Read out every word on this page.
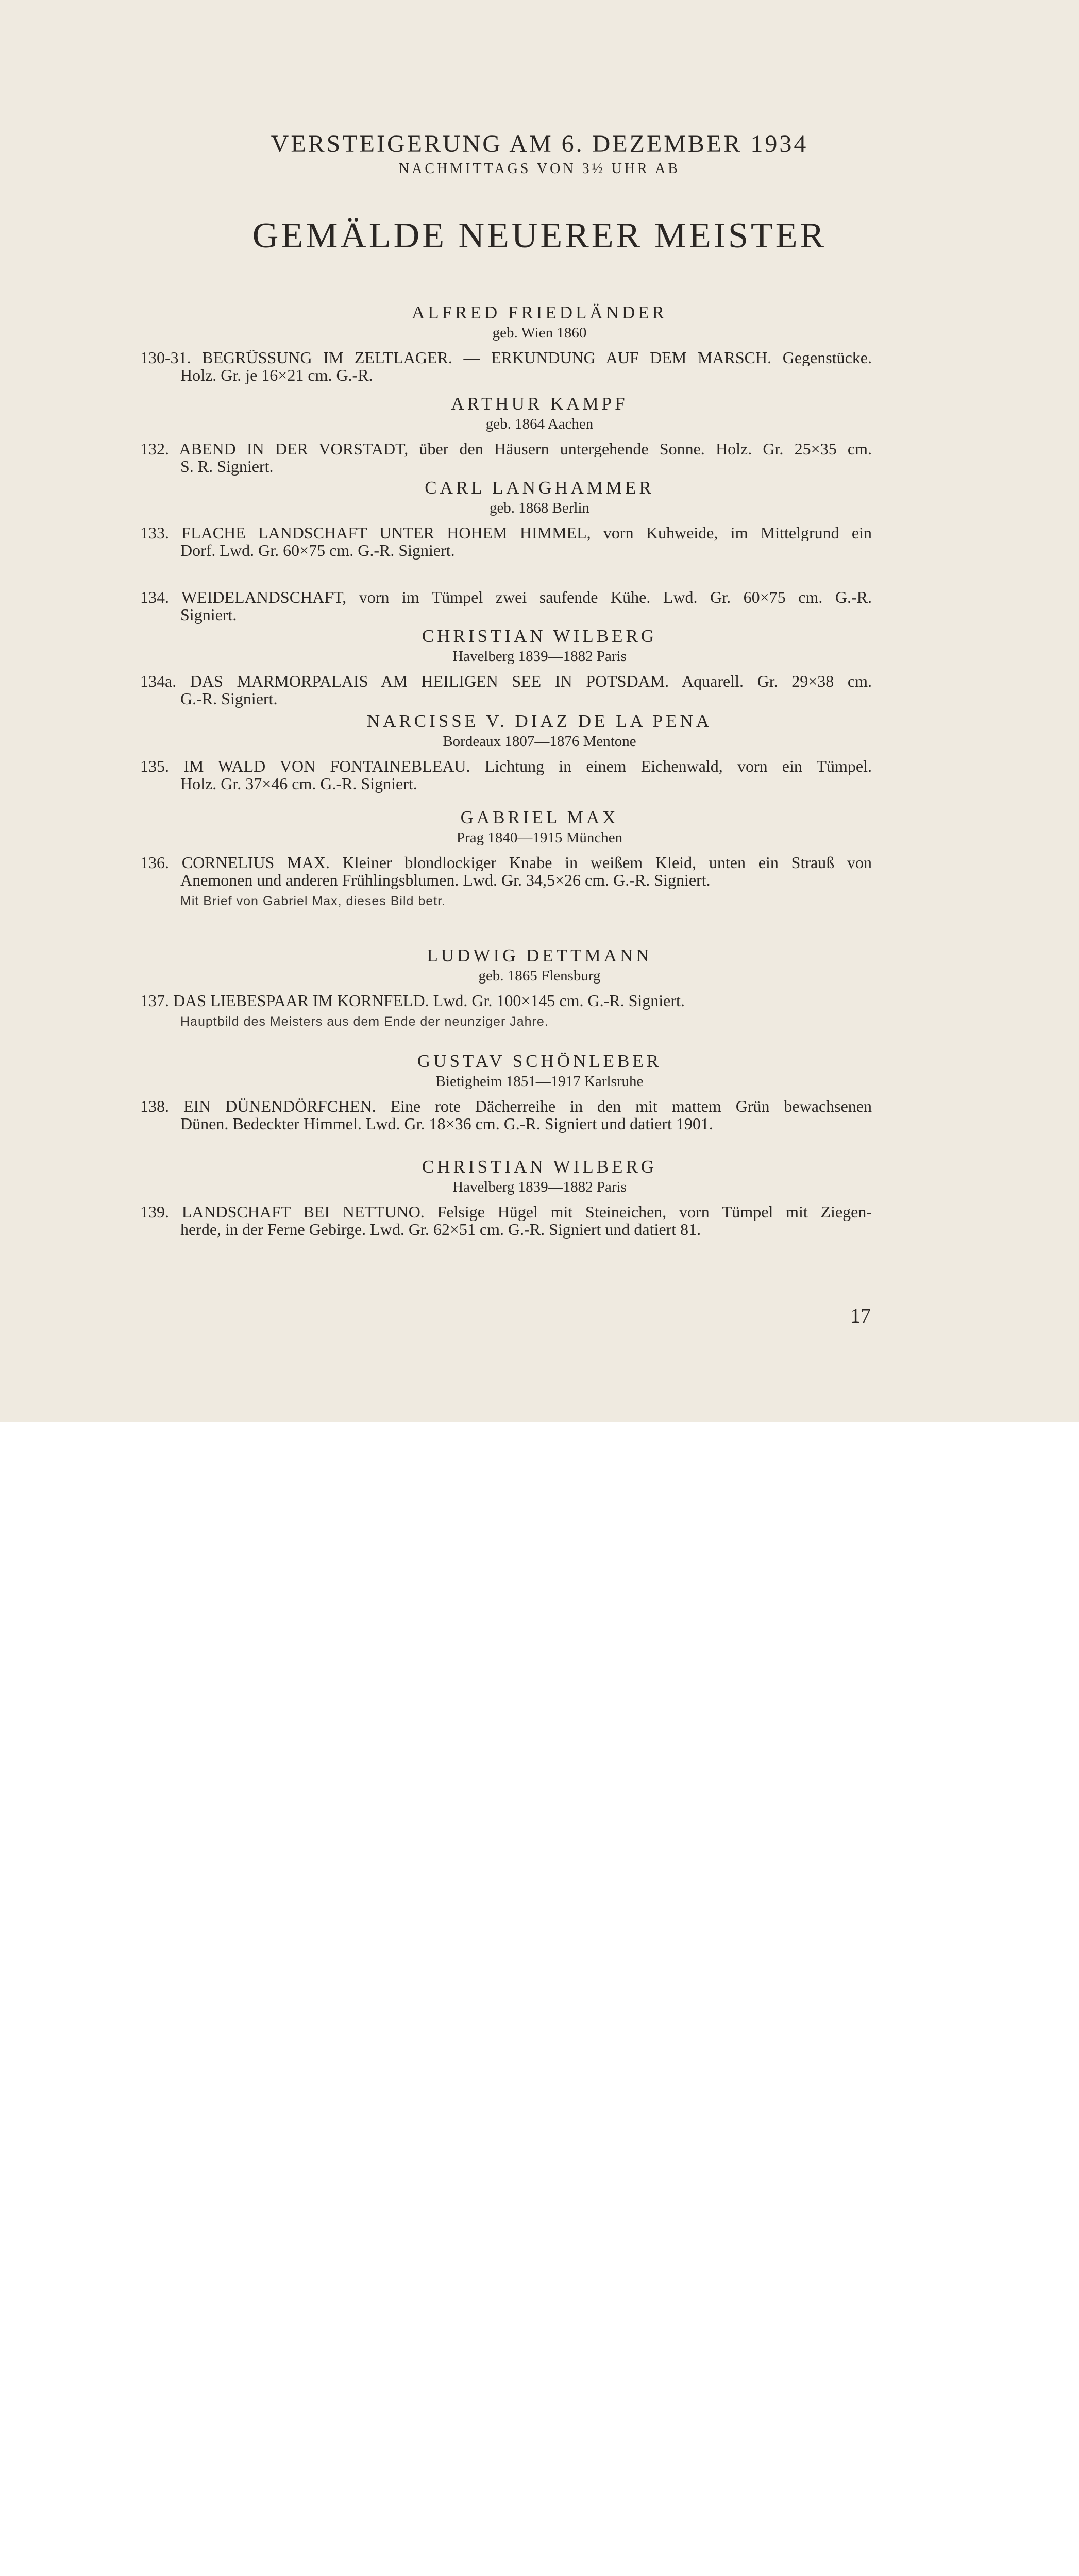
VERSTEIGERUNG AM 6. DEZEMBER 1934
NACHMITTAGS VON 3½ UHR AB
GEMÄLDE NEUERER MEISTER
ALFRED FRIEDLÄNDER
geb. Wien 1860
130-31. BEGRÜSSUNG IM ZELTLAGER. — ERKUNDUNG AUF DEM MARSCH. Gegenstücke.
Holz. Gr. je 16×21 cm. G.-R.
ARTHUR KAMPF
geb. 1864 Aachen
132. ABEND IN DER VORSTADT, über den Häusern untergehende Sonne. Holz. Gr. 25×35 cm.
S. R. Signiert.
CARL LANGHAMMER
geb. 1868 Berlin
133. FLACHE LANDSCHAFT UNTER HOHEM HIMMEL, vorn Kuhweide, im Mittelgrund ein
Dorf. Lwd. Gr. 60×75 cm. G.-R. Signiert.
134. WEIDELANDSCHAFT, vorn im Tümpel zwei saufende Kühe. Lwd. Gr. 60×75 cm. G.-R.
Signiert.
CHRISTIAN WILBERG
Havelberg 1839—1882 Paris
134a. DAS MARMORPALAIS AM HEILIGEN SEE IN POTSDAM. Aquarell. Gr. 29×38 cm.
G.-R. Signiert.
NARCISSE V. DIAZ DE LA PENA
Bordeaux 1807—1876 Mentone
135. IM WALD VON FONTAINEBLEAU. Lichtung in einem Eichenwald, vorn ein Tümpel.
Holz. Gr. 37×46 cm. G.-R. Signiert.
GABRIEL MAX
Prag 1840—1915 München
136. CORNELIUS MAX. Kleiner blondlockiger Knabe in weißem Kleid, unten ein Strauß von
Anemonen und anderen Frühlingsblumen. Lwd. Gr. 34,5×26 cm. G.-R. Signiert.
Mit Brief von Gabriel Max, dieses Bild betr.
LUDWIG DETTMANN
geb. 1865 Flensburg
137. DAS LIEBESPAAR IM KORNFELD. Lwd. Gr. 100×145 cm. G.-R. Signiert.
Hauptbild des Meisters aus dem Ende der neunziger Jahre.
GUSTAV SCHÖNLEBER
Bietigheim 1851—1917 Karlsruhe
138. EIN DÜNENDÖRFCHEN. Eine rote Dächerreihe in den mit mattem Grün bewachsenen
Dünen. Bedeckter Himmel. Lwd. Gr. 18×36 cm. G.-R. Signiert und datiert 1901.
CHRISTIAN WILBERG
Havelberg 1839—1882 Paris
139. LANDSCHAFT BEI NETTUNO. Felsige Hügel mit Steineichen, vorn Tümpel mit Ziegen-
herde, in der Ferne Gebirge. Lwd. Gr. 62×51 cm. G.-R. Signiert und datiert 81.
17
